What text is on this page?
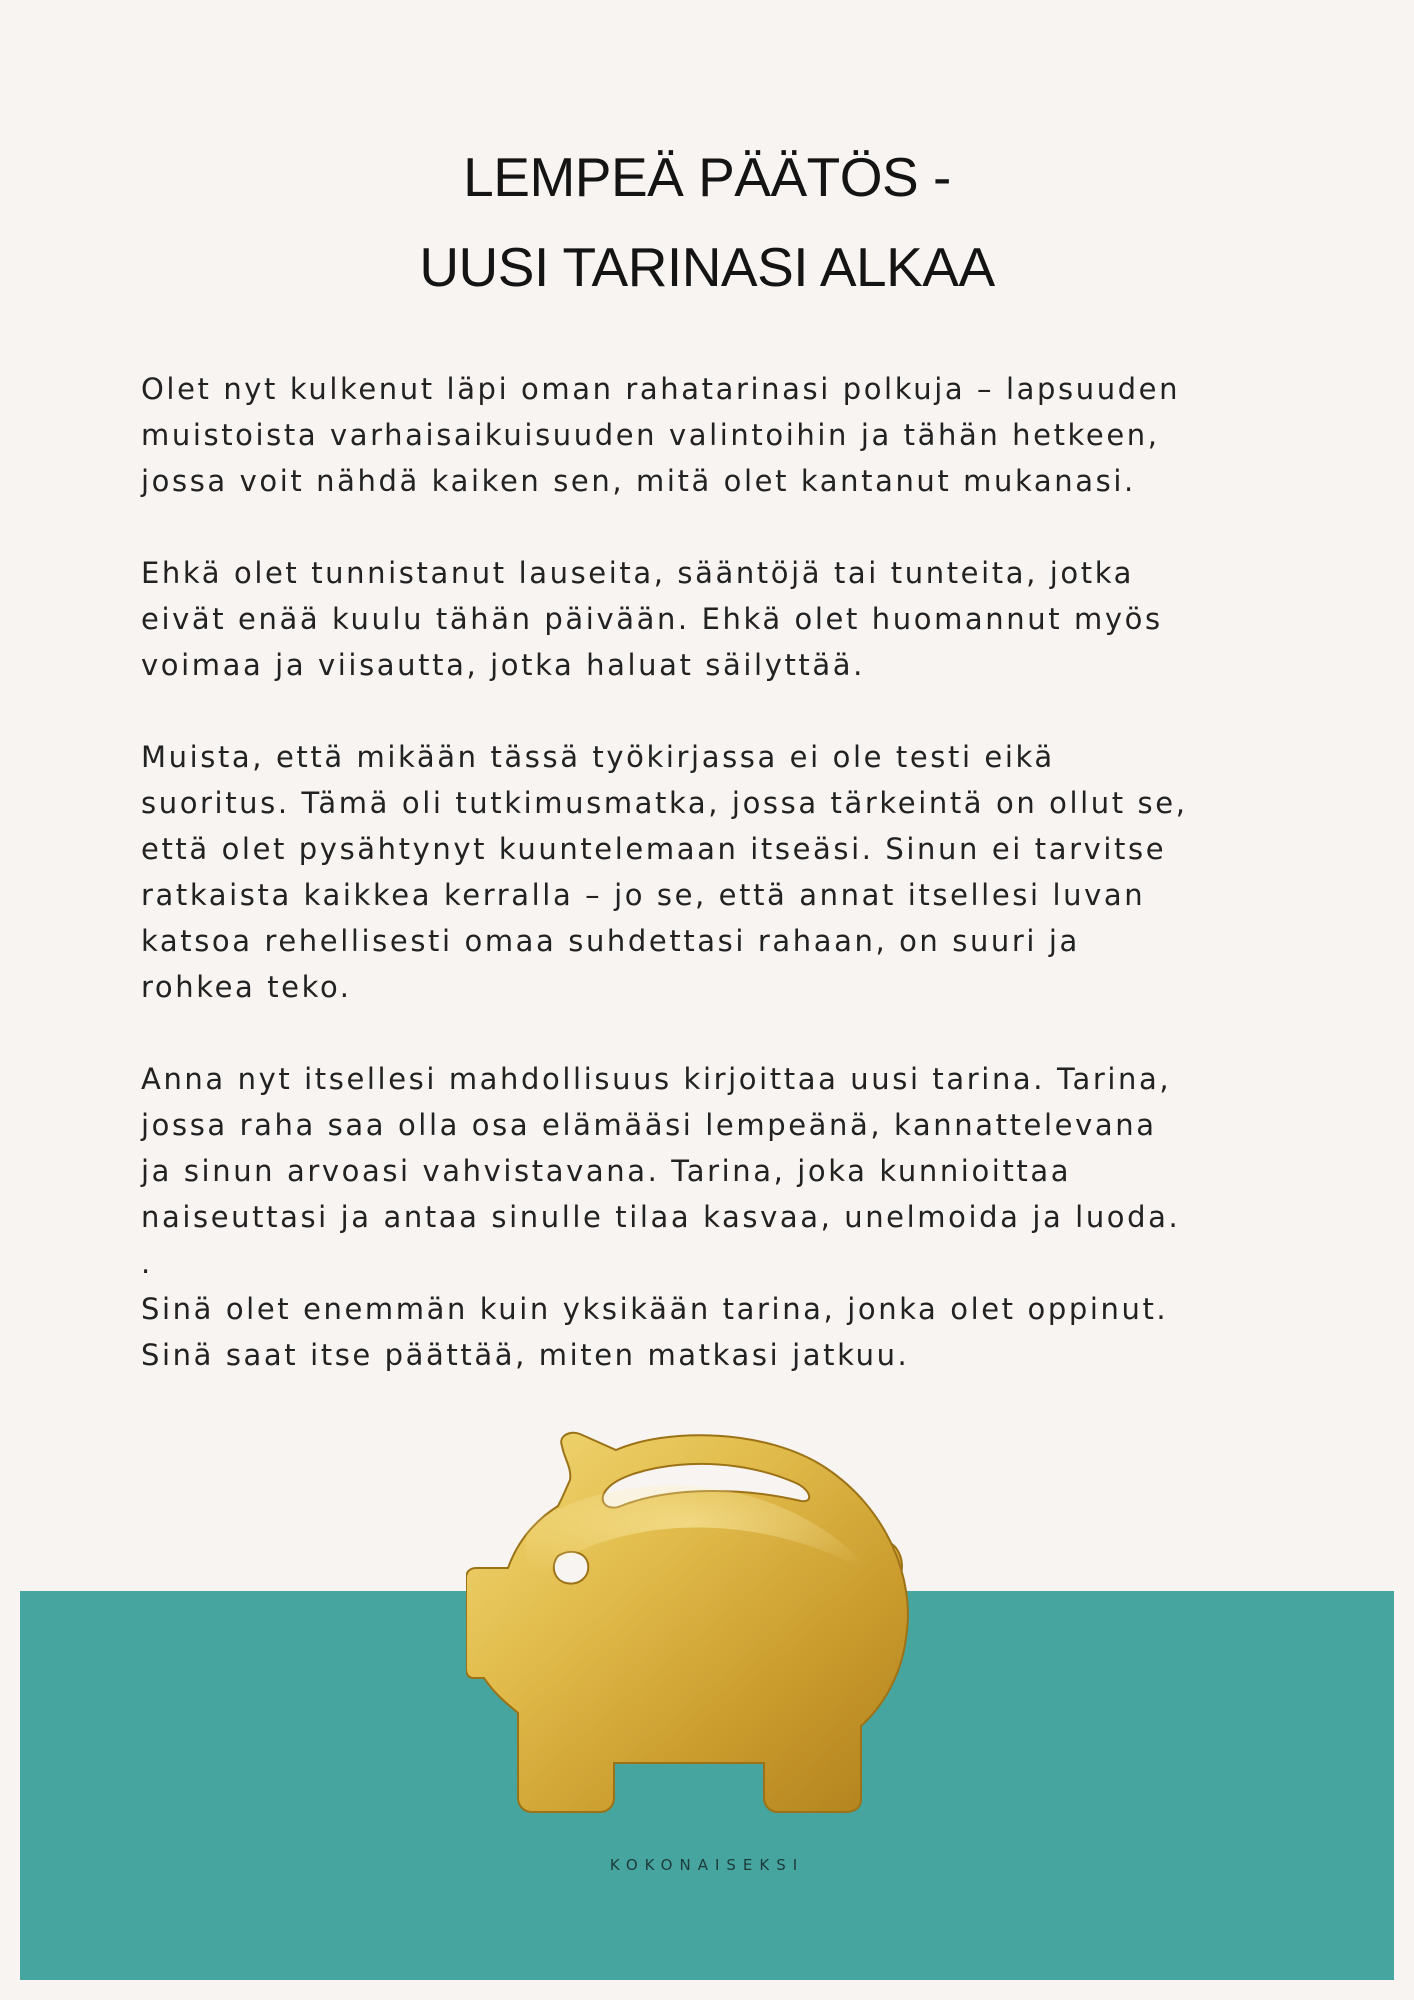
LEMPEÄ PÄÄTÖS -
UUSI TARINASI ALKAA

Olet nyt kulkenut läpi oman rahatarinasi polkuja – lapsuuden
muistoista varhaisaikuisuuden valintoihin ja tähän hetkeen,
jossa voit nähdä kaiken sen, mitä olet kantanut mukanasi.

Ehkä olet tunnistanut lauseita, sääntöjä tai tunteita, jotka
eivät enää kuulu tähän päivään. Ehkä olet huomannut myös
voimaa ja viisautta, jotka haluat säilyttää.

Muista, että mikään tässä työkirjassa ei ole testi eikä
suoritus. Tämä oli tutkimusmatka, jossa tärkeintä on ollut se,
että olet pysähtynyt kuuntelemaan itseäsi. Sinun ei tarvitse
ratkaista kaikkea kerralla – jo se, että annat itsellesi luvan
katsoa rehellisesti omaa suhdettasi rahaan, on suuri ja
rohkea teko.

Anna nyt itsellesi mahdollisuus kirjoittaa uusi tarina. Tarina,
jossa raha saa olla osa elämääsi lempeänä, kannattelevana
ja sinun arvoasi vahvistavana. Tarina, joka kunnioittaa
naiseuttasi ja antaa sinulle tilaa kasvaa, unelmoida ja luoda.
.
Sinä olet enemmän kuin yksikään tarina, jonka olet oppinut.
Sinä saat itse päättää, miten matkasi jatkuu.

KOKONAISEKSI
